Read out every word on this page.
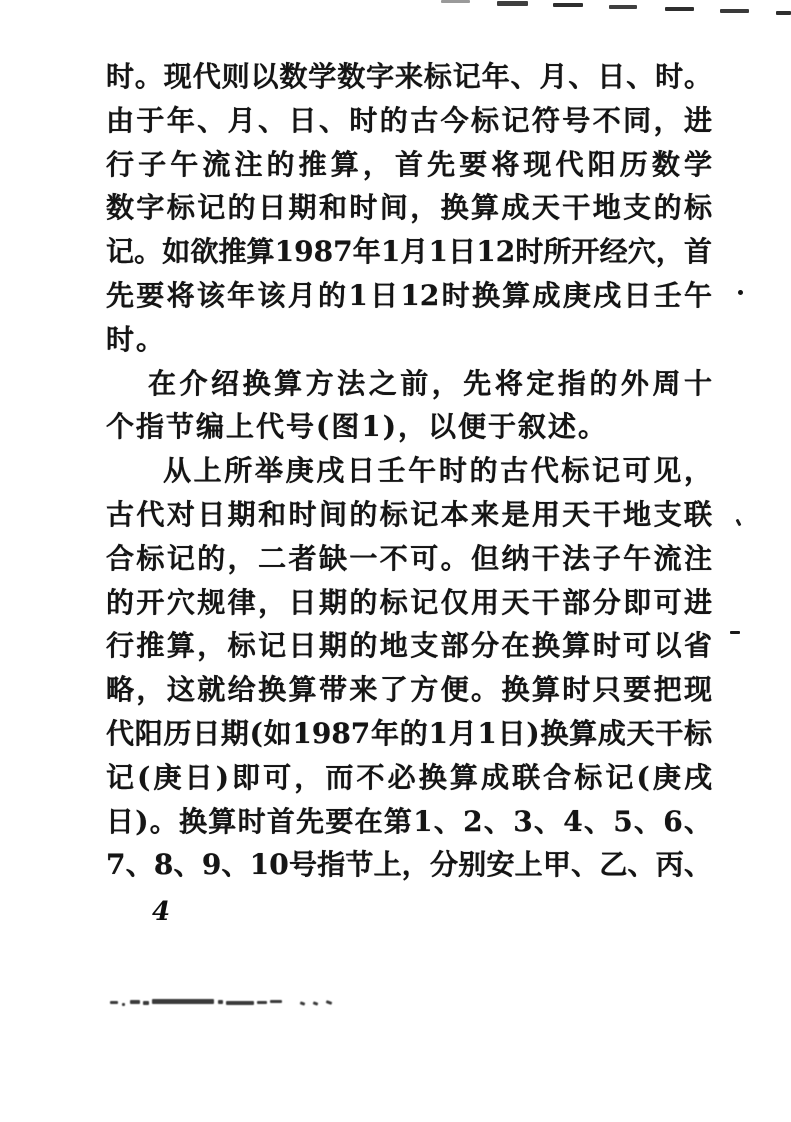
时。现代则以数学数字来标记年、月、日、时。
由于年、月、日、时的古今标记符号不同，进
行子午流注的推算，首先要将现代阳历数学
数字标记的日期和时间，换算成天干地支的标
记。如欲推算1987年1月1日12时所开经穴，首
先要将该年该月的1日12时换算成庚戌日壬午
时。
在介绍换算方法之前，先将定指的外周十
个指节编上代号(图1)，以便于叙述。
从上所举庚戌日壬午时的古代标记可见，
古代对日期和时间的标记本来是用天干地支联
合标记的，二者缺一不可。但纳干法子午流注
的开穴规律，日期的标记仅用天干部分即可进
行推算，标记日期的地支部分在换算时可以省
略，这就给换算带来了方便。换算时只要把现
代阳历日期(如1987年的1月1日)换算成天干标
记(庚日)即可，而不必换算成联合标记(庚戌
日)。换算时首先要在第1、2、3、4、5、6、
7、8、9、10号指节上，分别安上甲、乙、丙、
4
